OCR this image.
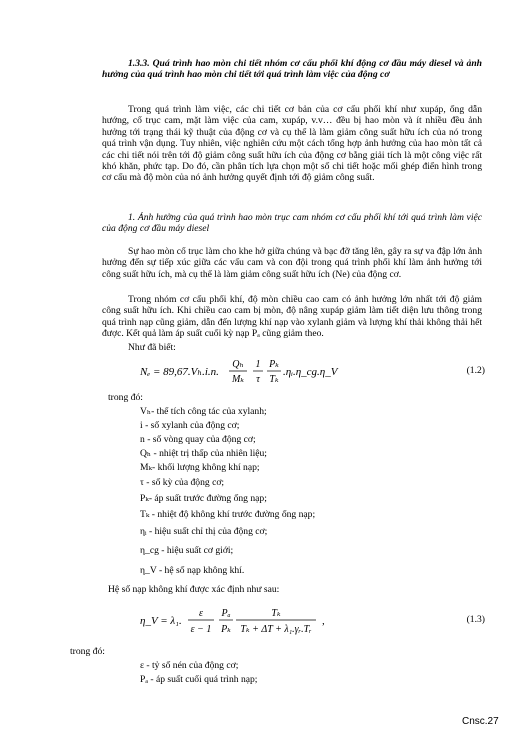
1.3.3. Quá trình hao mòn chi tiết nhóm cơ cấu phối khí động cơ đầu máy diesel và ảnh hưởng của quá trình hao mòn chi tiết tới quá trình làm việc của động cơ
Trong quá trình làm việc, các chi tiết cơ bản của cơ cấu phối khí như xupáp, ống dẫn hướng, cổ trục cam, mặt làm việc của cam, xupáp, v.v… đều bị hao mòn và ít nhiều đều ảnh hưởng tới trạng thái kỹ thuật của động cơ và cụ thể là làm giảm công suất hữu ích của nó trong quá trình vận dụng. Tuy nhiên, việc nghiên cứu một cách tổng hợp ảnh hưởng của hao mòn tất cả các chi tiết nói trên tới độ giảm công suất hữu ích của động cơ bằng giải tích là một công việc rất khó khăn, phức tạp. Do đó, cần phân tích lựa chọn một số chi tiết hoặc mối ghép điển hình trong cơ cấu mà độ mòn của nó ảnh hưởng quyết định tới độ giảm công suất.
1. Ảnh hưởng của quá trình hao mòn trục cam nhóm cơ cấu phối khí tới quá trình làm việc của động cơ đầu máy diesel
Sự hao mòn cổ trục làm cho khe hở giữa chúng và bạc đỡ tăng lên, gây ra sự va đập lớn ảnh hưởng đến sự tiếp xúc giữa các vấu cam và con đội trong quá trình phối khí làm ảnh hưởng tới công suất hữu ích, mà cụ thể là làm giảm công suất hữu ích (Ne) của động cơ.
Trong nhóm cơ cấu phối khí, độ mòn chiều cao cam có ảnh hưởng lớn nhất tới độ giảm công suất hữu ích. Khi chiều cao cam bị mòn, độ nâng xupáp giảm làm tiết diện lưu thông trong quá trình nạp cũng giảm, dẫn đến lượng khí nạp vào xylanh giảm và lượng khí thải không thải hết được. Kết quả làm áp suất cuối kỳ nạp Pₐ cũng giảm theo.
Như đã biết:
Nₑ = 89,67.Vₕ.i.n.
Qₕ
Mₖ
1
τ
Pₖ
Tₖ
.ηᵢ.η_cg.η_V	(1.2)
trong đó:
Vₕ- thể tích công tác của xylanh;
i - số xylanh của động cơ;
n - số vòng quay của động cơ;
Qₕ - nhiệt trị thấp của nhiên liệu;
Mₖ- khối lượng không khí nạp;
τ - số kỳ của động cơ;
Pₖ- áp suất trước đường ống nạp;
Tₖ - nhiệt độ không khí trước đường ống nạp;
ηᵢ - hiệu suất chỉ thị của động cơ;
η_cg - hiệu suất cơ giới;
η_V - hệ số nạp không khí.
Hệ số nạp không khí được xác định như sau:
η_V = λ₁.
ε
ε − 1
Pₐ
Pₖ
Tₖ
Tₖ + ΔT + λ₁.γᵣ.Tᵣ
,	(1.3)
trong đó:
ε - tỷ số nén của động cơ;
Pₐ - áp suất cuối quá trình nạp;
Cnsc.27
